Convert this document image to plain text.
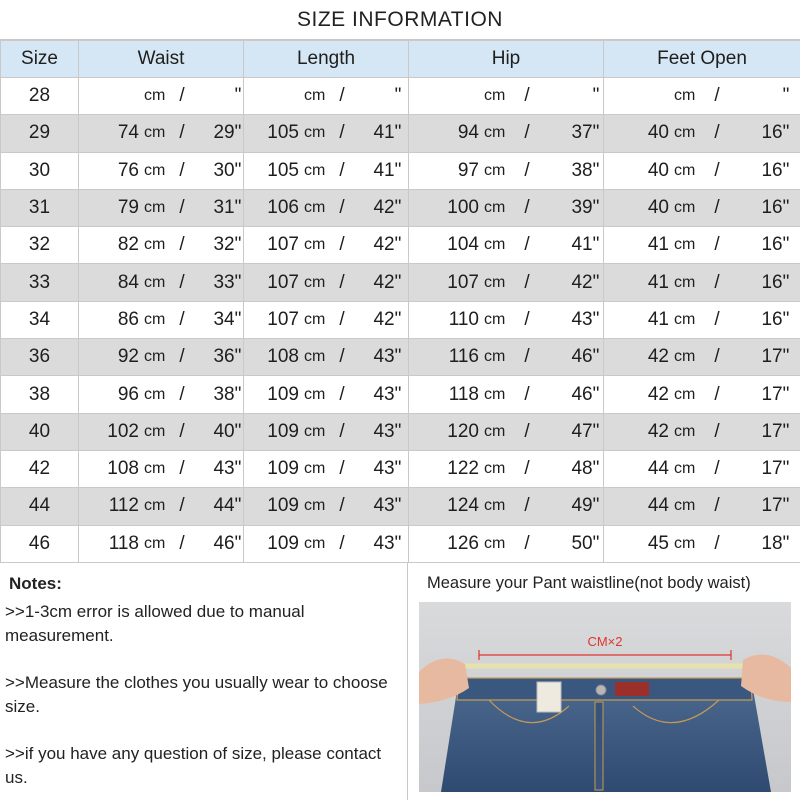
SIZE INFORMATION
Size	Waist	Length	Hip	Feet Open
28	cm / "	cm / "	cm / "	cm / "

29	74 cm / 29 "	105 cm / 41 "	94 cm / 37 "	40 cm / 16 "

30	76 cm / 30 "	105 cm / 41 "	97 cm / 38 "	40 cm / 16 "

31	79 cm / 31 "	106 cm / 42 "	100 cm / 39 "	40 cm / 16 "

32	82 cm / 32 "	107 cm / 42 "	104 cm / 41 "	41 cm / 16 "

33	84 cm / 33 "	107 cm / 42 "	107 cm / 42 "	41 cm / 16 "

34	86 cm / 34 "	107 cm / 42 "	110 cm / 43 "	41 cm / 16 "

36	92 cm / 36 "	108 cm / 43 "	116 cm / 46 "	42 cm / 17 "

38	96 cm / 38 "	109 cm / 43 "	118 cm / 46 "	42 cm / 17 "

40	102 cm / 40 "	109 cm / 43 "	120 cm / 47 "	42 cm / 17 "

42	108 cm / 43 "	109 cm / 43 "	122 cm / 48 "	44 cm / 17 "

44	112 cm / 44 "	109 cm / 43 "	124 cm / 49 "	44 cm / 17 "

46	118 cm / 46 "	109 cm / 43 "	126 cm / 50 "	45 cm / 18 "
Notes:

>>1-3cm error is allowed due to manual measurement.

>>Measure the clothes you usually wear to choose size.

>>if you have any question of size, please contact us.

Measure your Pant waistline(not body waist)
CM×2
